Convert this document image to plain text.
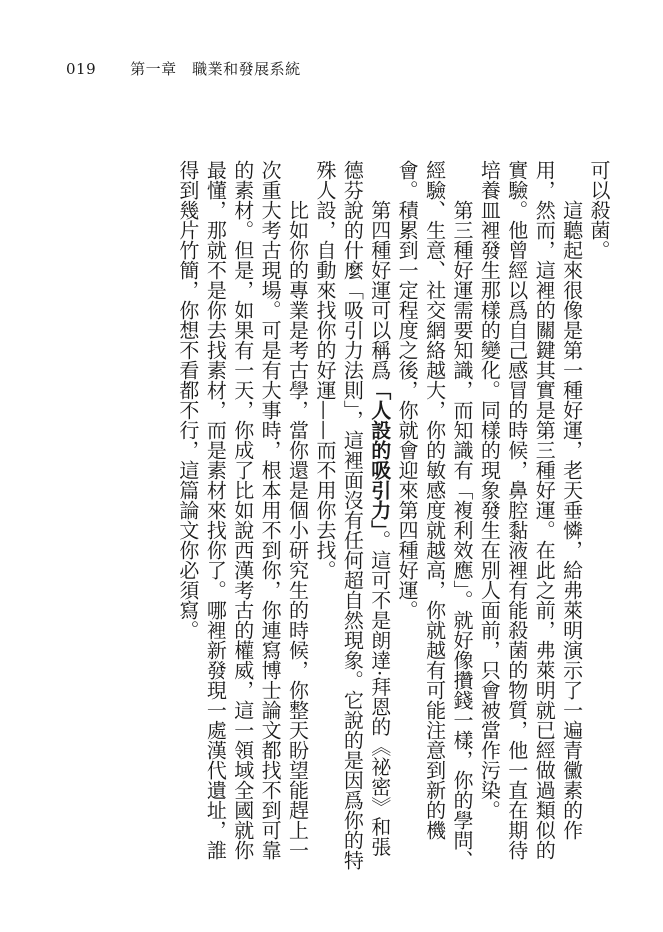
019 第一章　職業和發展系統

可以殺菌。

這聽起來很像是第一種好運，老天垂憐，給弗萊明演示了一遍青黴素的作用，然而，這裡的關鍵其實是第三種好運。在此之前，弗萊明就已經做過類似的實驗。他曾經以爲自己感冒的時候，鼻腔黏液裡有能殺菌的物質，他一直在期待培養皿裡發生那樣的變化。同樣的現象發生在別人面前，只會被當作污染。

第三種好運需要知識，而知識有「複利效應」。就好像攢錢一樣，你的學問、經驗、生意、社交網絡越大，你的敏感度就越高，你就越有可能注意到新的機會。積累到一定程度之後，你就會迎來第四種好運。

第四種好運可以稱爲「人設的吸引力」。這可不是朗達·拜恩的《祕密》和張德芬說的什麼「吸引力法則」，這裡面沒有任何超自然現象。它說的是因爲你的特殊人設，自動來找你的好運——而不用你去找。

比如你的專業是考古學，當你還是個小研究生的時候，你整天盼望能趕上一次重大考古現場。可是有大事時，根本用不到你，你連寫博士論文都找不到可靠的素材。但是，如果有一天，你成了比如說西漢考古的權威，這一領域全國就你最懂，那就不是你去找素材，而是素材來找你了。哪裡新發現一處漢代遺址，誰得到幾片竹簡，你想不看都不行，這篇論文你必須寫。
